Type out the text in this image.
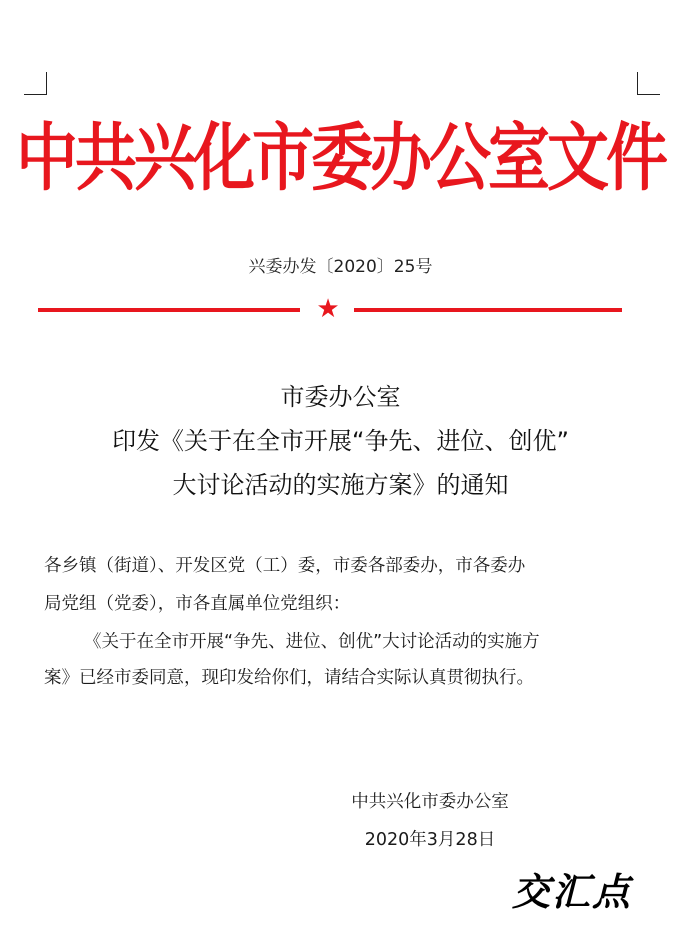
中共兴化市委办公室文件
兴委办发〔2020〕25号
★
市委办公室
印发《关于在全市开展“争先、进位、创优”
大讨论活动的实施方案》的通知
各乡镇（街道）、开发区党（工）委，市委各部委办，市各委办
局党组（党委），市各直属单位党组织：
《关于在全市开展“争先、进位、创优”大讨论活动的实施方
案》已经市委同意，现印发给你们，请结合实际认真贯彻执行。
中共兴化市委办公室
2020年3月28日
交汇点
